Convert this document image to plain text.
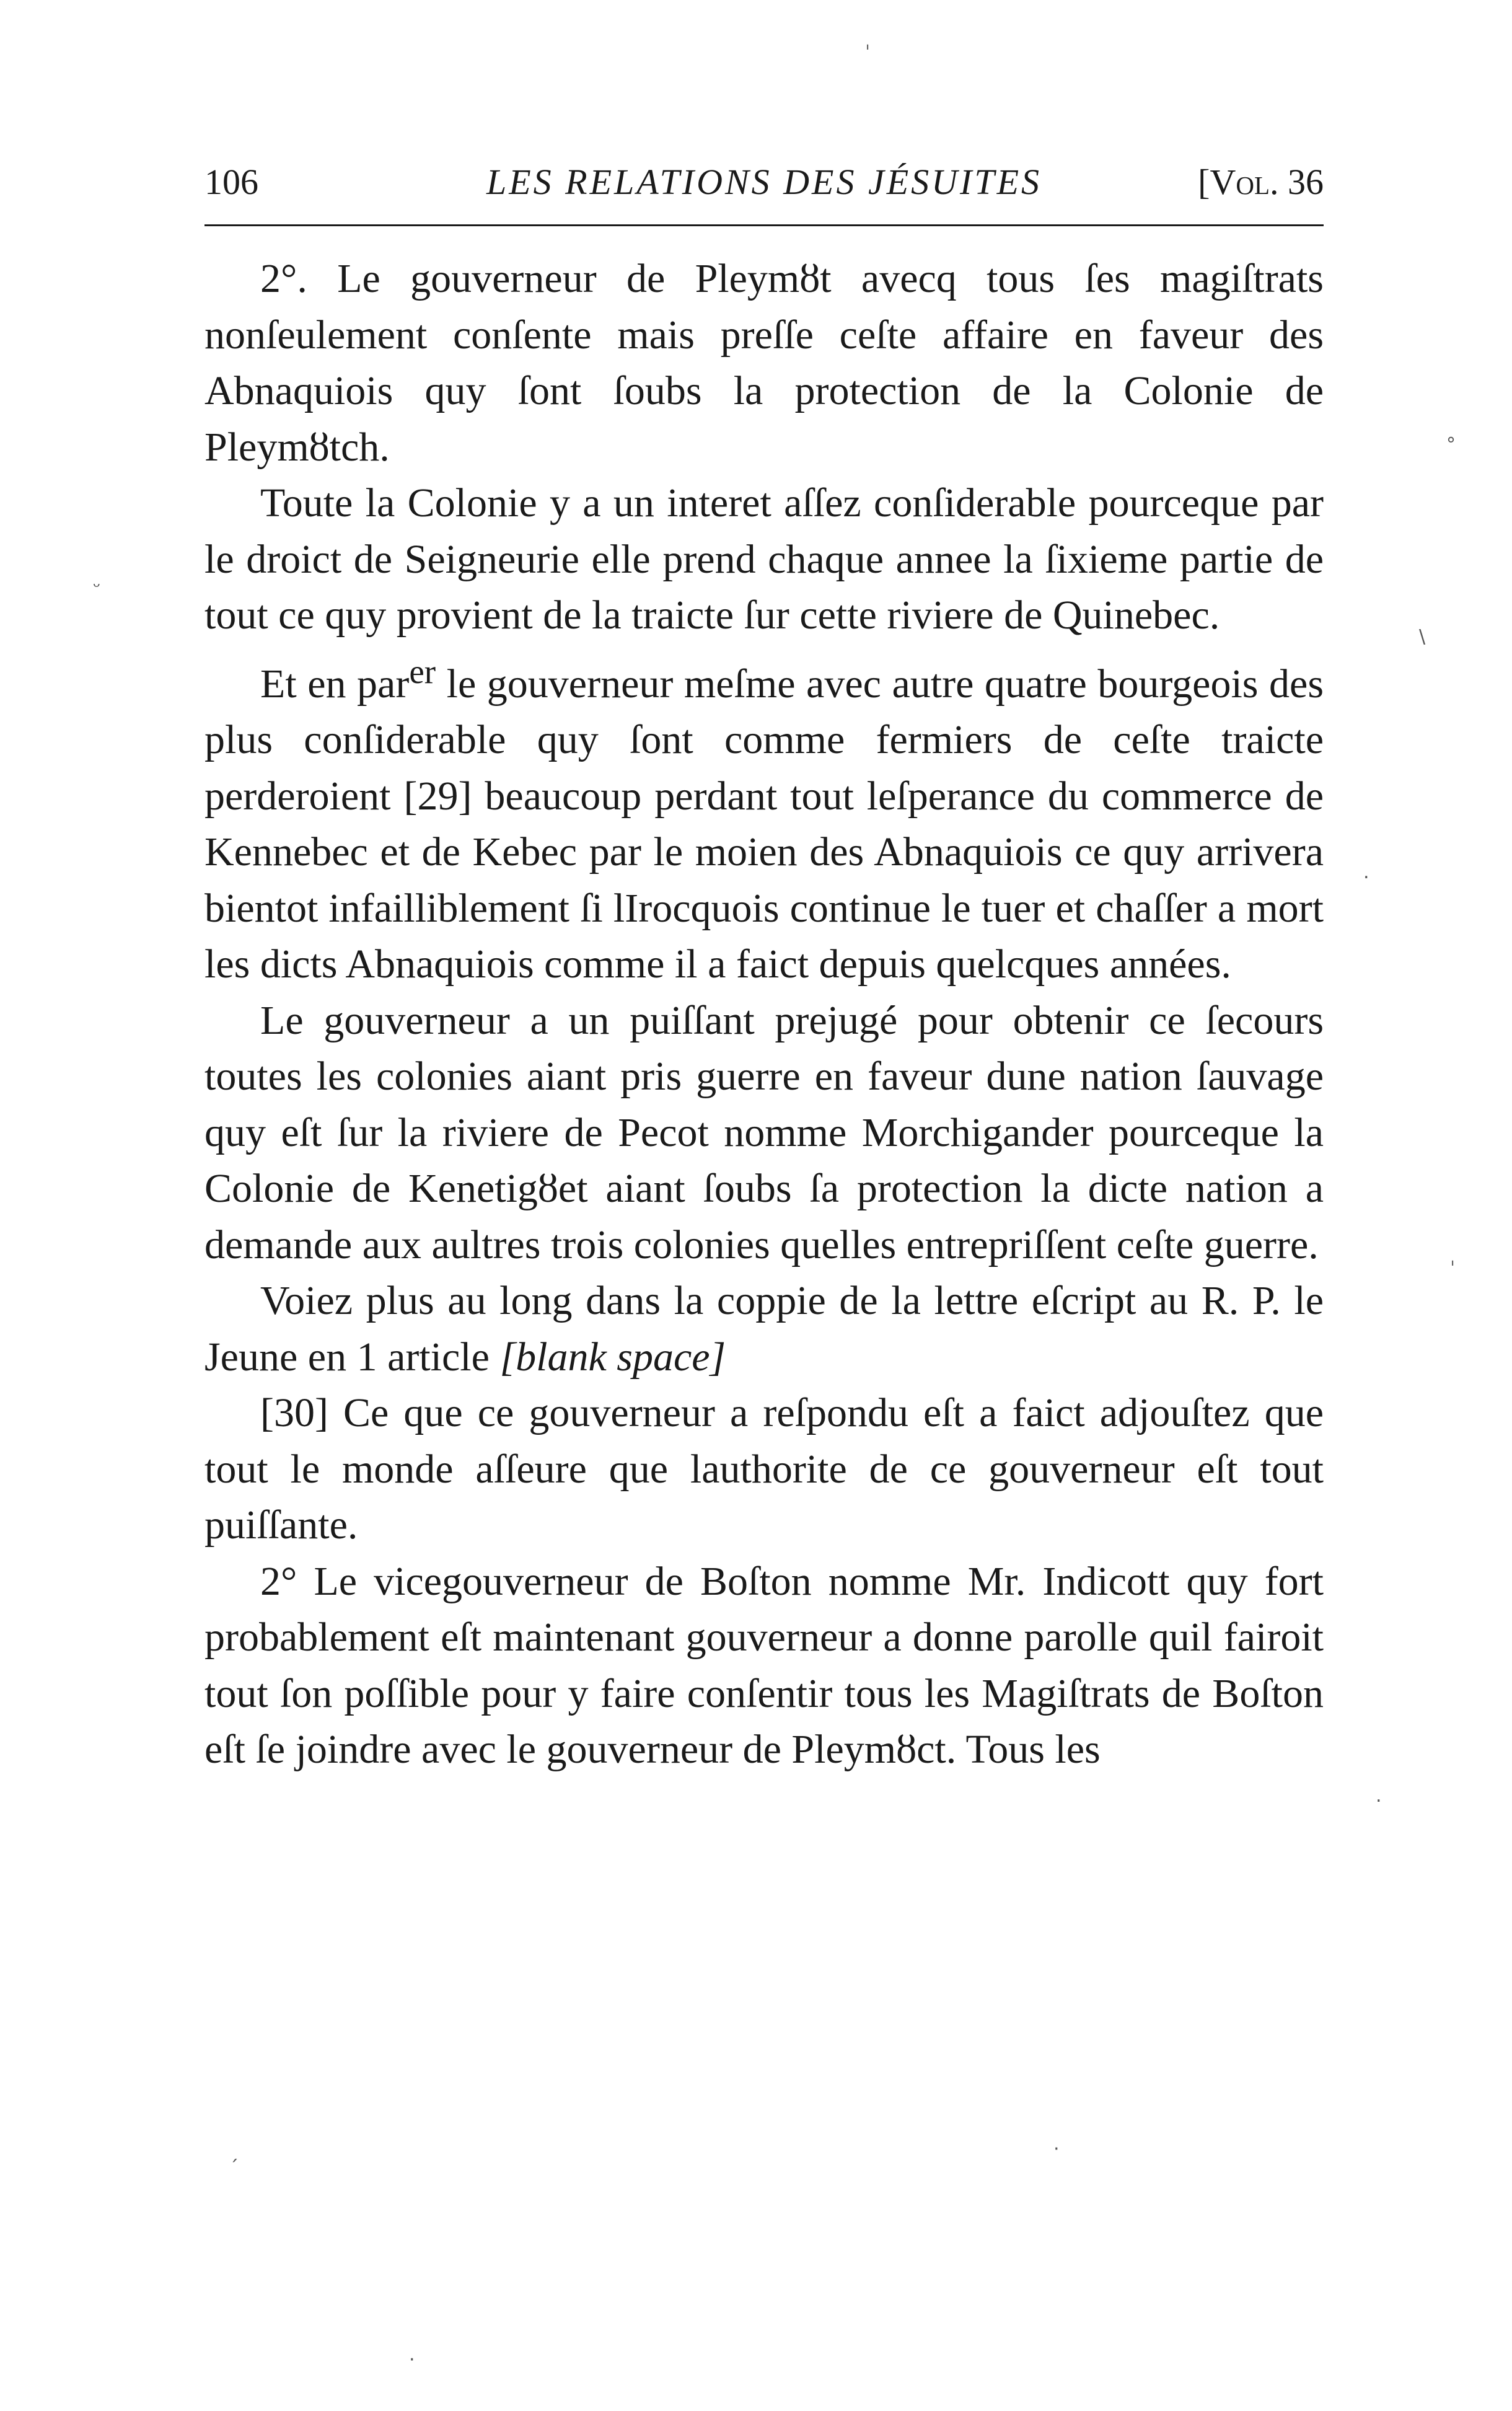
106	LES RELATIONS DES JÉSUITES	[Vol. 36

2°. Le gouverneur de Pleymȣt avecq tous ſes magiſtrats nonſeulement conſente mais preſſe ceſte affaire en faveur des Abnaquiois quy ſont ſoubs la protection de la Colonie de Pleymȣtch.

Toute la Colonie y a un interet aſſez conſiderable pourceque par le droict de Seigneurie elle prend chaque annee la ſixieme partie de tout ce quy provient de la traicte ſur cette riviere de Quinebec.

Et en par$^{er}$ le gouverneur meſme avec autre quatre bourgeois des plus conſiderable quy ſont comme fermiers de ceſte traicte perderoient [29] beaucoup perdant tout leſperance du commerce de Kennebec et de Kebec par le moien des Abnaquiois ce quy arrivera bientot infailliblement ſi lIrocquois continue le tuer et chaſſer a mort les dicts Abnaquiois comme il a faict depuis quelcques années.

Le gouverneur a un puiſſant prejugé pour obtenir ce ſecours toutes les colonies aiant pris guerre en faveur dune nation ſauvage quy eſt ſur la riviere de Pecot nomme Morchigander pourceque la Colonie de Kenetigȣet aiant ſoubs ſa protection la dicte nation a demande aux aultres trois colonies quelles entrepriſſent ceſte guerre.

Voiez plus au long dans la coppie de la lettre eſcript au R. P. le Jeune en 1 article [blank space]

[30] Ce que ce gouverneur a reſpondu eſt a faict adjouſtez que tout le monde aſſeure que lauthorite de ce gouverneur eſt tout puiſſante.

2° Le vicegouverneur de Boſton nomme Mr. Indicott quy fort probablement eſt maintenant gouverneur a donne parolle quil fairoit tout ſon poſſible pour y faire conſentir tous les Magiſtrats de Boſton eſt ſe joindre avec le gouverneur de Pleymȣct. Tous les

ˈ
°
ᵕ
\
.
ˈ
.
ˊ
·
·
